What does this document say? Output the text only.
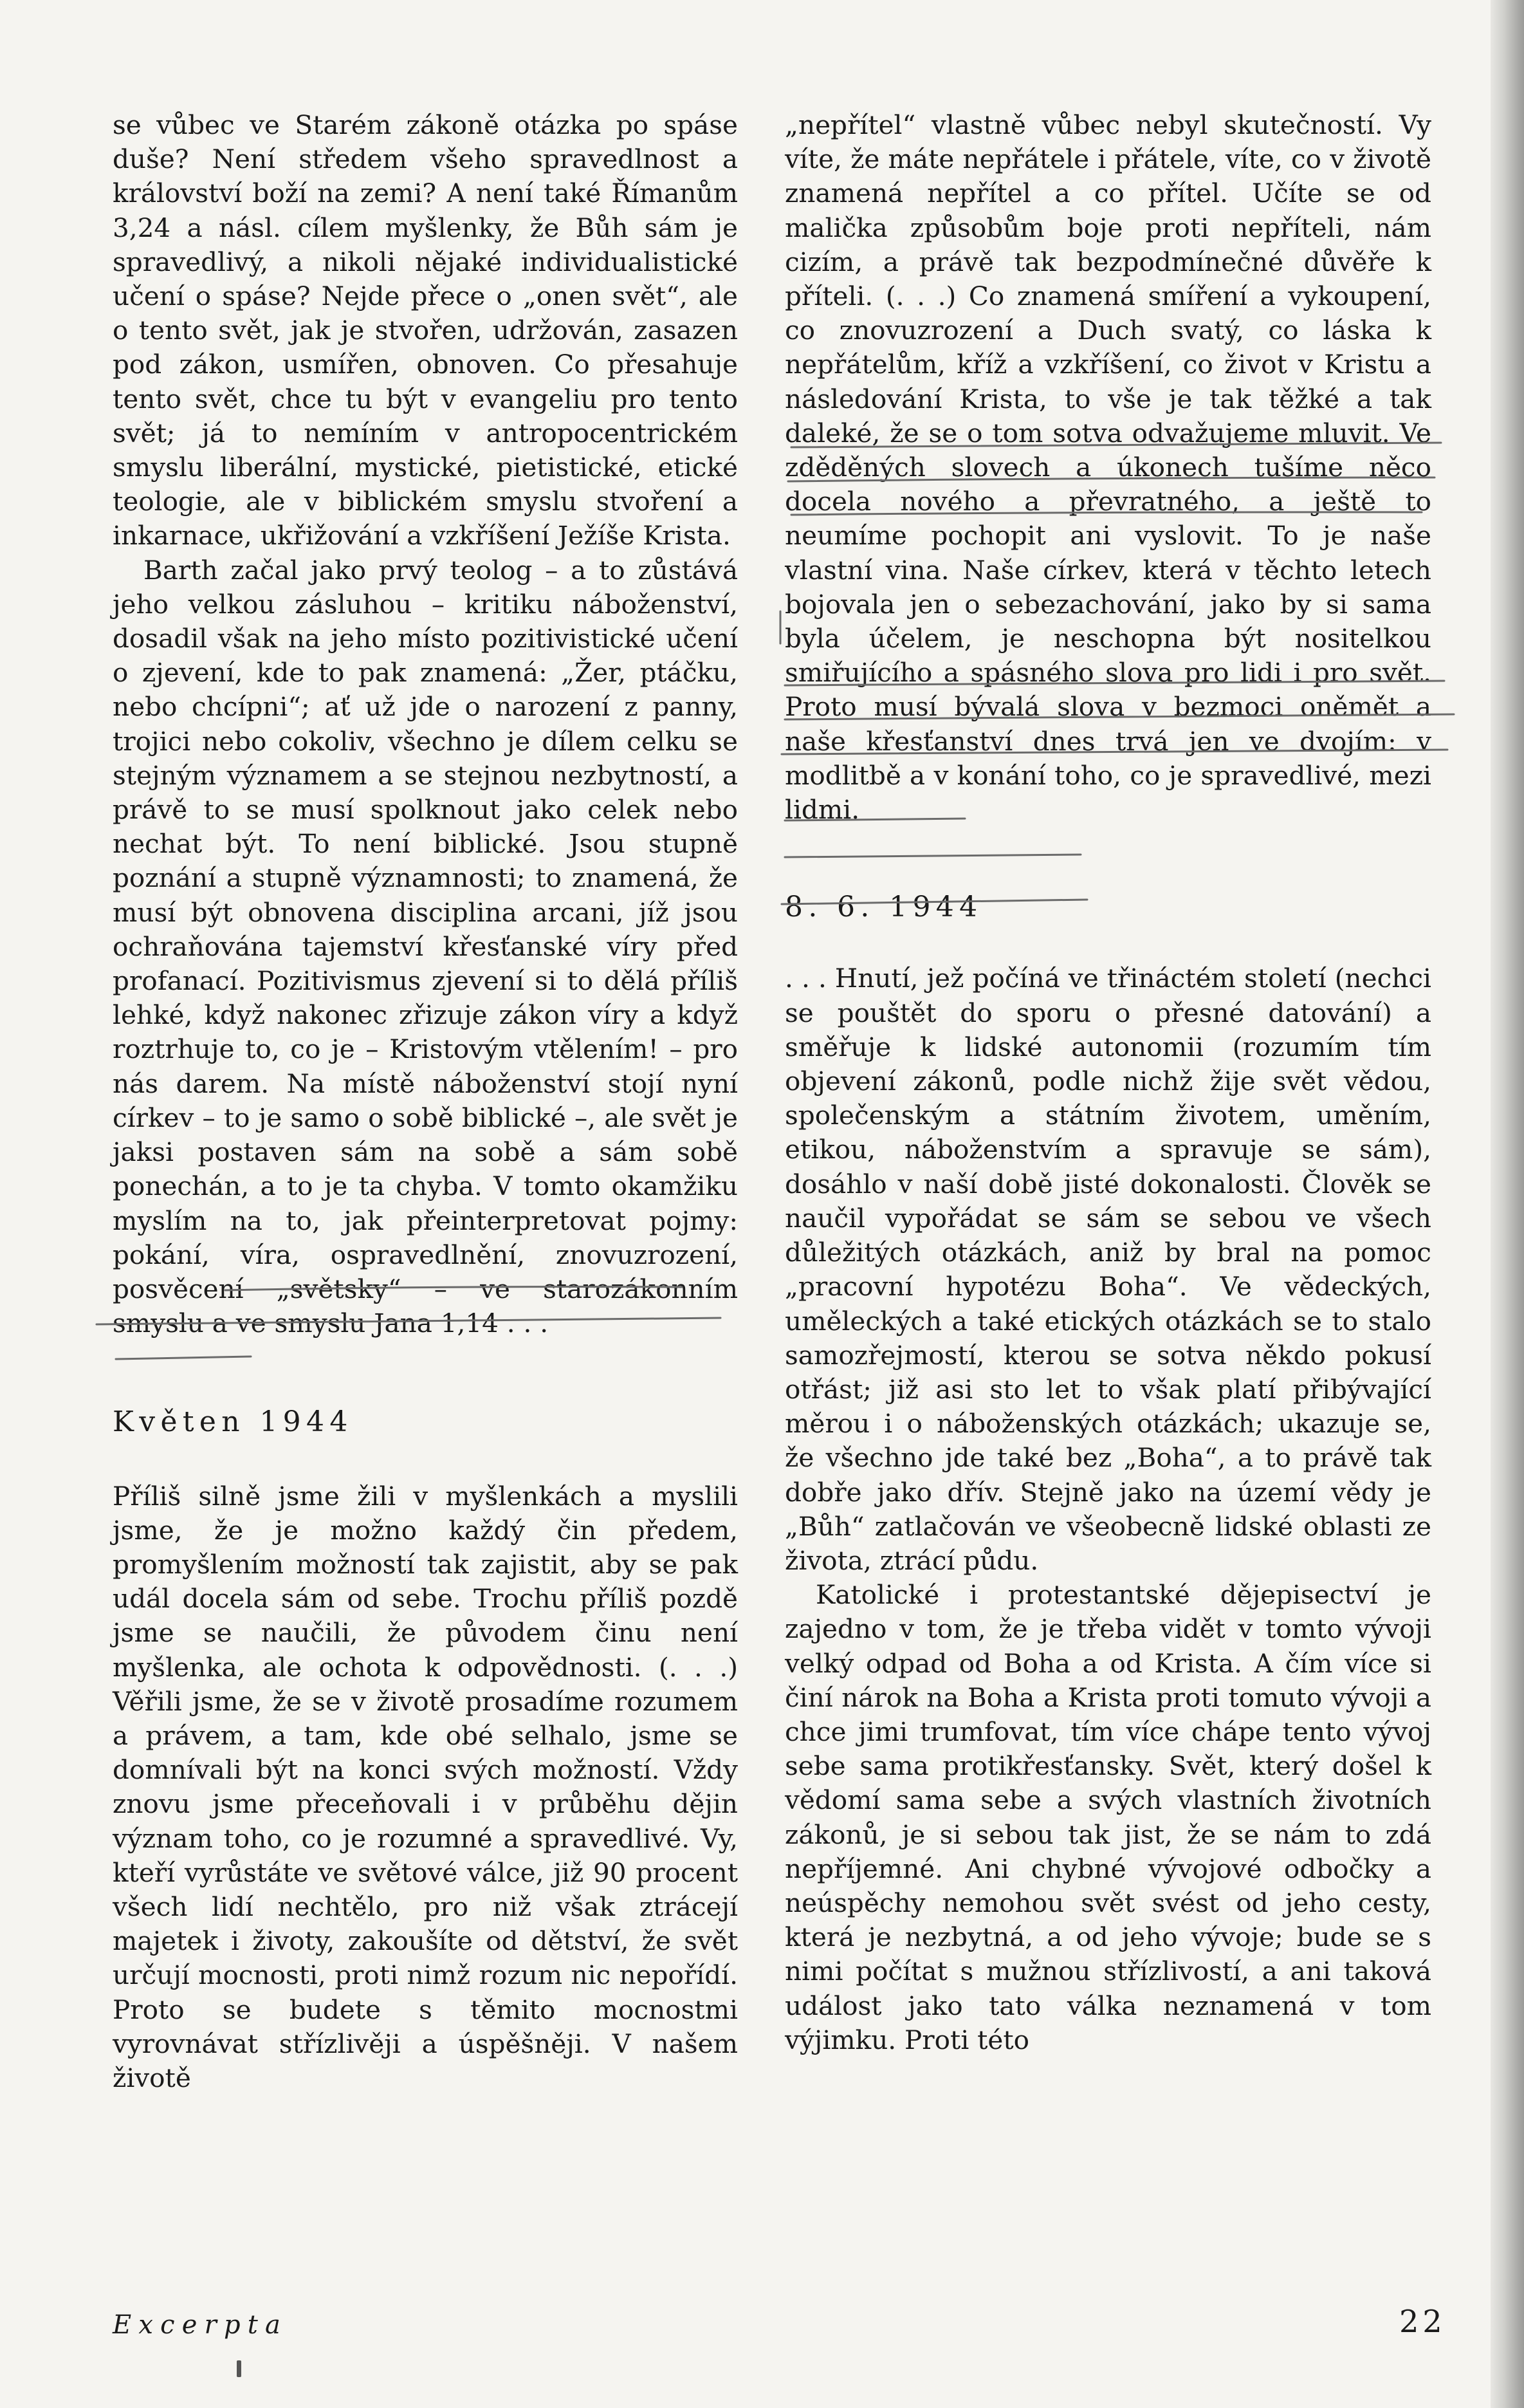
se vůbec ve Starém zákoně otázka po spáse duše? Není středem všeho spravedlnost a království boží na zemi? A není také Římanům 3,24 a násl. cílem myšlenky, že Bůh sám je spravedlivý, a nikoli nějaké individualistické učení o spáse? Nejde přece o „onen svět“, ale o tento svět, jak je stvořen, udržován, zasazen pod zákon, usmířen, obnoven. Co přesahuje tento svět, chce tu být v evangeliu pro tento svět; já to nemíním v antropocentrickém smyslu liberální, mystické, pietistické, etické teologie, ale v biblickém smyslu stvoření a inkarnace, ukřižování a vzkříšení Ježíše Krista.

Barth začal jako prvý teolog – a to zůstává jeho velkou zásluhou – kritiku náboženství, dosadil však na jeho místo pozitivistické učení o zjevení, kde to pak znamená: „Žer, ptáčku, nebo chcípni“; ať už jde o narození z panny, trojici nebo cokoliv, všechno je dílem celku se stejným významem a se stejnou nezbytností, a právě to se musí spolknout jako celek nebo nechat být. To není biblické. Jsou stupně poznání a stupně významnosti; to znamená, že musí být obnovena disciplina arcani, jíž jsou ochraňována tajemství křesťanské víry před profanací. Pozitivismus zjevení si to dělá příliš lehké, když nakonec zřizuje zákon víry a když roztrhuje to, co je – Kristovým vtělením! – pro nás darem. Na místě náboženství stojí nyní církev – to je samo o sobě biblické –, ale svět je jaksi postaven sám na sobě a sám sobě ponechán, a to je ta chyba. V tomto okamžiku myslím na to, jak přeinterpretovat pojmy: pokání, víra, ospravedlnění, znovuzrození, posvěcení „světsky“ – ve starozákonním smyslu a ve smyslu Jana 1,14 . . .

Květen 1944

Příliš silně jsme žili v myšlenkách a myslili jsme, že je možno každý čin předem, promyšlením možností tak zajistit, aby se pak udál docela sám od sebe. Trochu příliš pozdě jsme se naučili, že původem činu není myšlenka, ale ochota k odpovědnosti. (. . .) Věřili jsme, že se v životě prosadíme rozumem a právem, a tam, kde obé selhalo, jsme se domnívali být na konci svých možností. Vždy znovu jsme přeceňovali i v průběhu dějin význam toho, co je rozumné a spravedlivé. Vy, kteří vyrůstáte ve světové válce, již 90 procent všech lidí nechtělo, pro niž však ztrácejí majetek i životy, zakoušíte od dětství, že svět určují mocnosti, proti nimž rozum nic nepořídí. Proto se budete s těmito mocnostmi vyrovnávat střízlivěji a úspěšněji. V našem životě

„nepřítel“ vlastně vůbec nebyl skutečností. Vy víte, že máte nepřátele i přátele, víte, co v životě znamená nepřítel a co přítel. Učíte se od malička způsobům boje proti nepříteli, nám cizím, a právě tak bezpodmínečné důvěře k příteli. (. . .) Co znamená smíření a vykoupení, co znovuzrození a Duch svatý, co láska k nepřátelům, kříž a vzkříšení, co život v Kristu a následování Krista, to vše je tak těžké a tak daleké, že se o tom sotva odvažujeme mluvit. Ve zděděných slovech a úkonech tušíme něco docela nového a převratného, a ještě to neumíme pochopit ani vyslovit. To je naše vlastní vina. Naše církev, která v těchto letech bojovala jen o sebezachování, jako by si sama byla účelem, je neschopna být nositelkou smiřujícího a spásného slova pro lidi i pro svět. Proto musí bývalá slova v bezmoci oněmět a naše křesťanství dnes trvá jen ve dvojím: v modlitbě a v konání toho, co je spravedlivé, mezi lidmi.

8. 6. 1944

. . . Hnutí, jež počíná ve třináctém století (nechci se pouštět do sporu o přesné datování) a směřuje k lidské autonomii (rozumím tím objevení zákonů, podle nichž žije svět vědou, společenským a státním životem, uměním, etikou, náboženstvím a spravuje se sám), dosáhlo v naší době jisté dokonalosti. Člověk se naučil vypořádat se sám se sebou ve všech důležitých otázkách, aniž by bral na pomoc „pracovní hypotézu Boha“. Ve vědeckých, uměleckých a také etických otázkách se to stalo samozřejmostí, kterou se sotva někdo pokusí otřást; již asi sto let to však platí přibývající měrou i o náboženských otázkách; ukazuje se, že všechno jde také bez „Boha“, a to právě tak dobře jako dřív. Stejně jako na území vědy je „Bůh“ zatlačován ve všeobecně lidské oblasti ze života, ztrácí půdu.

Katolické i protestantské dějepisectví je zajedno v tom, že je třeba vidět v tomto vývoji velký odpad od Boha a od Krista. A čím více si činí nárok na Boha a Krista proti tomuto vývoji a chce jimi trumfovat, tím více chápe tento vývoj sebe sama protikřesťansky. Svět, který došel k vědomí sama sebe a svých vlastních životních zákonů, je si sebou tak jist, že se nám to zdá nepříjemné. Ani chybné vývojové odbočky a neúspěchy nemohou svět svést od jeho cesty, která je nezbytná, a od jeho vývoje; bude se s nimi počítat s mužnou střízlivostí, a ani taková událost jako tato válka neznamená v tom výjimku. Proti této

Excerpta	22
